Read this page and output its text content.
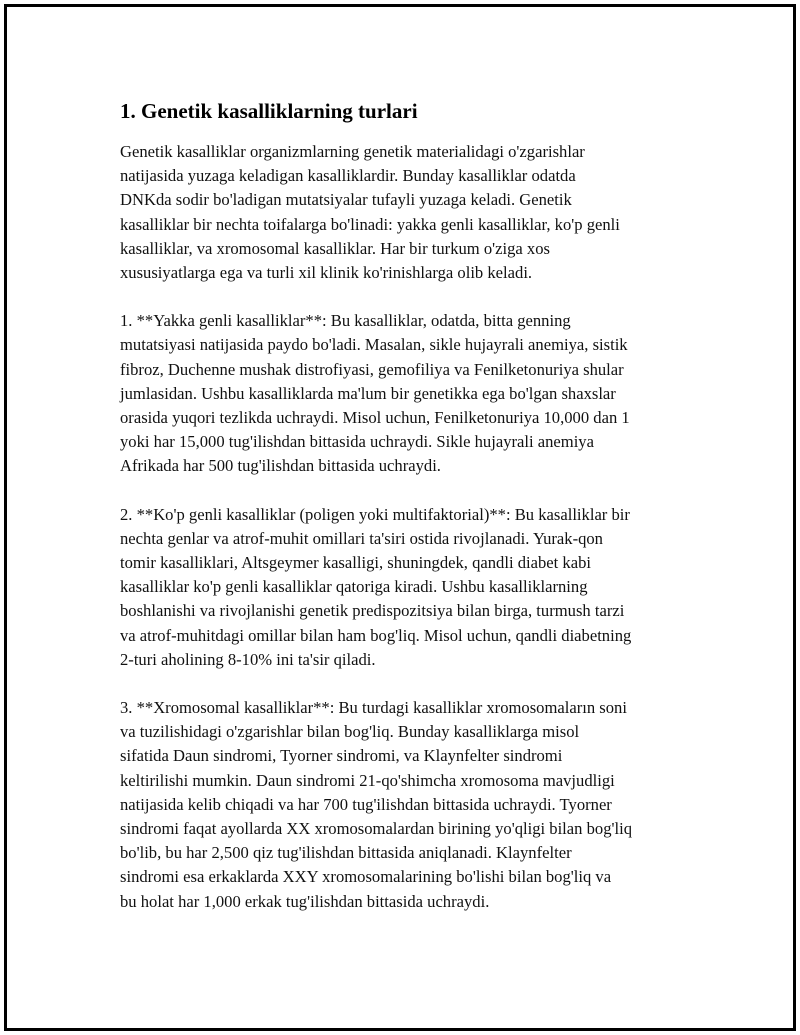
1. Genetik kasalliklarning turlari

Genetik kasalliklar organizmlarning genetik materialidagi o'zgarishlar
natijasida yuzaga keladigan kasalliklardir. Bunday kasalliklar odatda
DNKda sodir bo'ladigan mutatsiyalar tufayli yuzaga keladi. Genetik
kasalliklar bir nechta toifalarga bo'linadi: yakka genli kasalliklar, ko'p genli
kasalliklar, va xromosomal kasalliklar. Har bir turkum o'ziga xos
xususiyatlarga ega va turli xil klinik ko'rinishlarga olib keladi.

1. **Yakka genli kasalliklar**: Bu kasalliklar, odatda, bitta genning
mutatsiyasi natijasida paydo bo'ladi. Masalan, sikle hujayrali anemiya, sistik
fibroz, Duchenne mushak distrofiyasi, gemofiliya va Fenilketonuriya shular
jumlasidan. Ushbu kasalliklarda ma'lum bir genetikka ega bo'lgan shaxslar
orasida yuqori tezlikda uchraydi. Misol uchun, Fenilketonuriya 10,000 dan 1
yoki har 15,000 tug'ilishdan bittasida uchraydi. Sikle hujayrali anemiya
Afrikada har 500 tug'ilishdan bittasida uchraydi.

2. **Ko'p genli kasalliklar (poligen yoki multifaktorial)**: Bu kasalliklar bir
nechta genlar va atrof-muhit omillari ta'siri ostida rivojlanadi. Yurak-qon
tomir kasalliklari, Altsgeymer kasalligi, shuningdek, qandli diabet kabi
kasalliklar ko'p genli kasalliklar qatoriga kiradi. Ushbu kasalliklarning
boshlanishi va rivojlanishi genetik predispozitsiya bilan birga, turmush tarzi
va atrof-muhitdagi omillar bilan ham bog'liq. Misol uchun, qandli diabetning
2-turi aholining 8-10% ini ta'sir qiladi.

3. **Xromosomal kasalliklar**: Bu turdagi kasalliklar xromosomaların soni
va tuzilishidagi o'zgarishlar bilan bog'liq. Bunday kasalliklarga misol
sifatida Daun sindromi, Tyorner sindromi, va Klaynfelter sindromi
keltirilishi mumkin. Daun sindromi 21-qo'shimcha xromosoma mavjudligi
natijasida kelib chiqadi va har 700 tug'ilishdan bittasida uchraydi. Tyorner
sindromi faqat ayollarda XX xromosomalardan birining yo'qligi bilan bog'liq
bo'lib, bu har 2,500 qiz tug'ilishdan bittasida aniqlanadi. Klaynfelter
sindromi esa erkaklarda XXY xromosomalarining bo'lishi bilan bog'liq va
bu holat har 1,000 erkak tug'ilishdan bittasida uchraydi.
